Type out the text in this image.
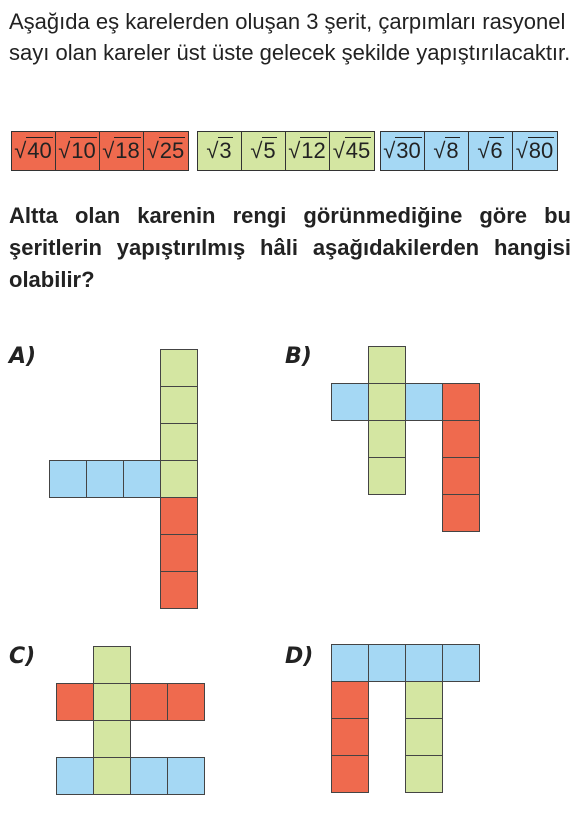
Aşağıda eş karelerden oluşan 3 şerit, çarpımları rasyonel sayı olan kareler üst üste gelecek şekilde yapıştırılacaktır.

√ 40 √ 10 √ 18 √ 25 √ 3 √ 5 √ 12 √ 45 √ 30 √ 8 √ 6 √ 80

Altta olan karenin rengi görünmediğine göre bu şeritlerin yapıştırılmış hâli aşağıdakilerden hangisi olabilir?

A)	B)
C)	D)
